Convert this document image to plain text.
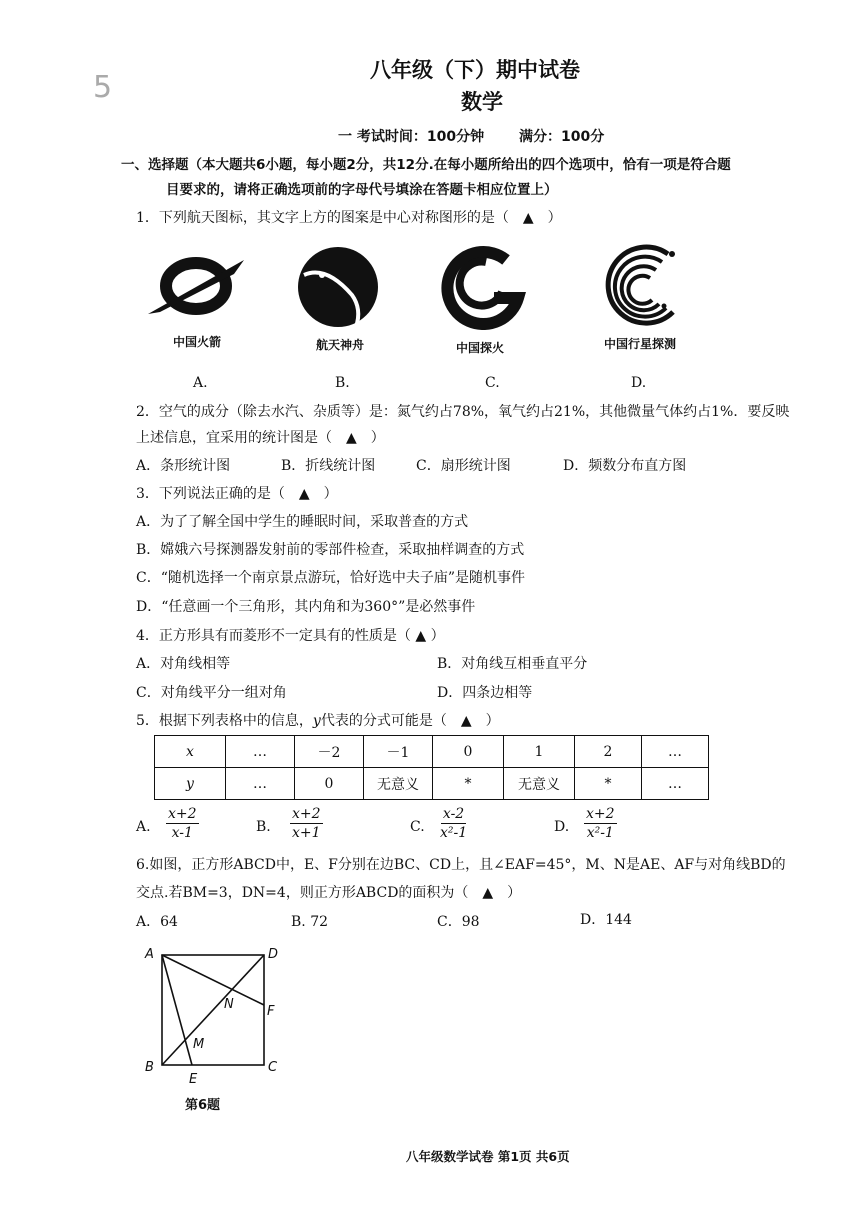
5	八年级（下）期中试卷
数学
一 考试时间：100分钟 满分：100分
一、选择题（本大题共6小题，每小题2分，共12分.在每小题所给出的四个选项中，恰有一项是符合题
目要求的，请将正确选项前的字母代号填涂在答题卡相应位置上）
1．下列航天图标，其文字上方的图案是中心对称图形的是（　▲　）
中国火箭	航天神舟	中国探火	中国行星探测
A.	B.	C.	D.
2．空气的成分（除去水汽、杂质等）是：氮气约占78%，氧气约占21%，其他微量气体约占1%．要反映
上述信息，宜采用的统计图是（　▲　）
A．条形统计图	B．折线统计图	C．扇形统计图	D．频数分布直方图
3．下列说法正确的是（　▲　）
A．为了了解全国中学生的睡眠时间，采取普查的方式
B．嫦娥六号探测器发射前的零部件检查，采取抽样调查的方式
C．“随机选择一个南京景点游玩，恰好选中夫子庙”是随机事件
D．“任意画一个三角形，其内角和为360°”是必然事件
4．正方形具有而菱形不一定具有的性质是（ ▲ ）
A．对角线相等	B．对角线互相垂直平分
C．对角线平分一组对角	D．四条边相等
5．根据下列表格中的信息，y代表的分式可能是（　▲　）
x	…	－2	－1	0	1	2	…
y	…	0	无意义	*	无意义	*	…
A. $\frac{x+2}{x-1}$	B. $\frac{x+2}{x+1}$	C. $\frac{x-2}{\text{x²-1}}$	D. $\frac{x+2}{\text{x²-1}}$
6.如图，正方形ABCD中，E、F分别在边BC、CD上，且∠EAF=45°，M、N是AE、AF与对角线BD的
交点.若BM=3，DN=4，则正方形ABCD的面积为（　▲　）
A．64	B. 72	C．98	D．144
A	D
B	C
E
F
M
N
第6题
八年级数学试卷 第1页 共6页
